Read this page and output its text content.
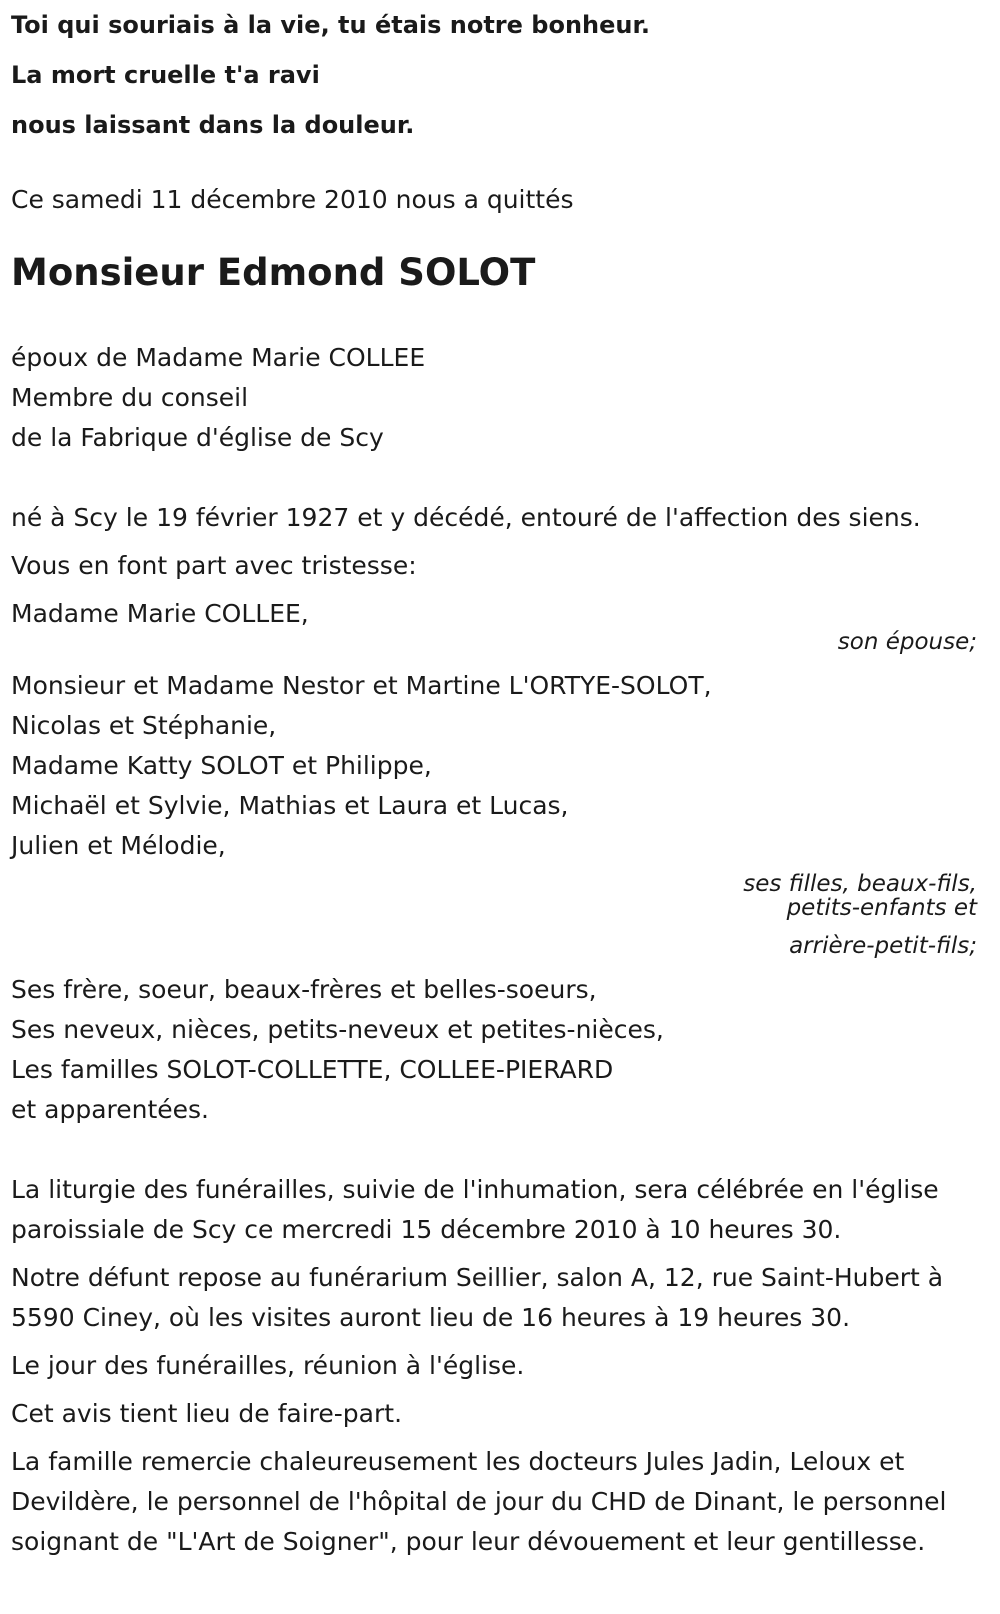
Toi qui souriais à la vie, tu étais notre bonheur.
La mort cruelle t'a ravi
nous laissant dans la douleur.
Ce samedi 11 décembre 2010 nous a quittés
Monsieur Edmond SOLOT
époux de Madame Marie COLLEE
Membre du conseil
de la Fabrique d'église de Scy
né à Scy le 19 février 1927 et y décédé, entouré de l'affection des siens.
Vous en font part avec tristesse:
Madame Marie COLLEE,
son épouse;
Monsieur et Madame Nestor et Martine L'ORTYE-SOLOT,
Nicolas et Stéphanie,
Madame Katty SOLOT et Philippe,
Michaël et Sylvie, Mathias et Laura et Lucas,
Julien et Mélodie,
ses filles, beaux-fils,
petits-enfants et
arrière-petit-fils;
Ses frère, soeur, beaux-frères et belles-soeurs,
Ses neveux, nièces, petits-neveux et petites-nièces,
Les familles SOLOT-COLLETTE, COLLEE-PIERARD
et apparentées.
La liturgie des funérailles, suivie de l'inhumation, sera célébrée en l'église paroissiale de Scy ce mercredi 15 décembre 2010 à 10 heures 30.
Notre défunt repose au funérarium Seillier, salon A, 12, rue Saint-Hubert à 5590 Ciney, où les visites auront lieu de 16 heures à 19 heures 30.
Le jour des funérailles, réunion à l'église.
Cet avis tient lieu de faire-part.
La famille remercie chaleureusement les docteurs Jules Jadin, Leloux et Devildère, le personnel de l'hôpital de jour du CHD de Dinant, le personnel soignant de "L'Art de Soigner", pour leur dévouement et leur gentillesse.
